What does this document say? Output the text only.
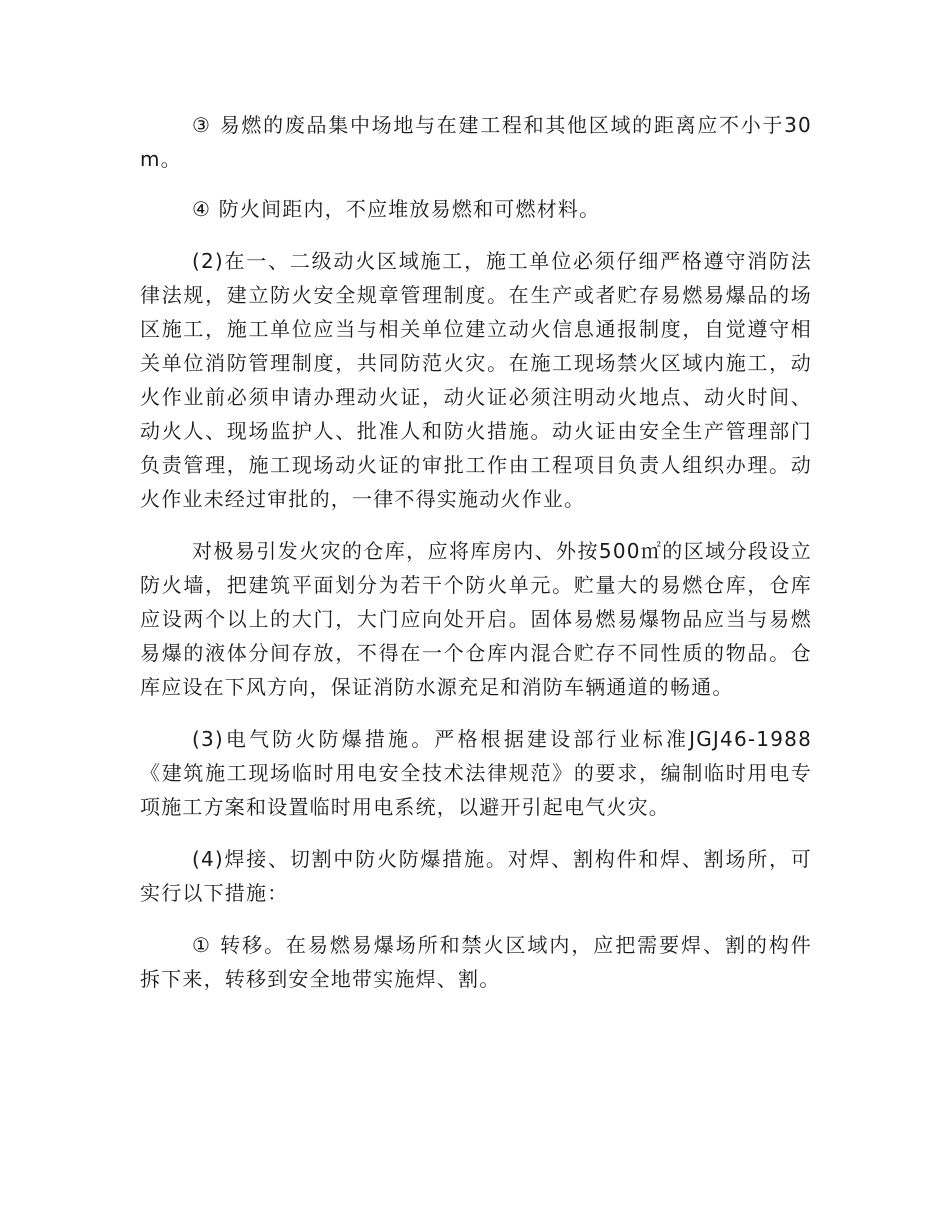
③ 易燃的废品集中场地与在建工程和其他区域的距离应不小于30m。

④ 防火间距内，不应堆放易燃和可燃材料。

(2)在一、二级动火区域施工，施工单位必须仔细严格遵守消防法律法规，建立防火安全规章管理制度。在生产或者贮存易燃易爆品的场区施工，施工单位应当与相关单位建立动火信息通报制度，自觉遵守相关单位消防管理制度，共同防范火灾。在施工现场禁火区域内施工，动火作业前必须申请办理动火证，动火证必须注明动火地点、动火时间、动火人、现场监护人、批准人和防火措施。动火证由安全生产管理部门负责管理，施工现场动火证的审批工作由工程项目负责人组织办理。动火作业未经过审批的，一律不得实施动火作业。

对极易引发火灾的仓库，应将库房内、外按500㎡的区域分段设立防火墙，把建筑平面划分为若干个防火单元。贮量大的易燃仓库，仓库应设两个以上的大门，大门应向处开启。固体易燃易爆物品应当与易燃易爆的液体分间存放，不得在一个仓库内混合贮存不同性质的物品。仓库应设在下风方向，保证消防水源充足和消防车辆通道的畅通。

(3)电气防火防爆措施。严格根据建设部行业标准JGJ46-1988《建筑施工现场临时用电安全技术法律规范》的要求，编制临时用电专项施工方案和设置临时用电系统，以避开引起电气火灾。

(4)焊接、切割中防火防爆措施。对焊、割构件和焊、割场所，可实行以下措施：

① 转移。在易燃易爆场所和禁火区域内，应把需要焊、割的构件拆下来，转移到安全地带实施焊、割。
